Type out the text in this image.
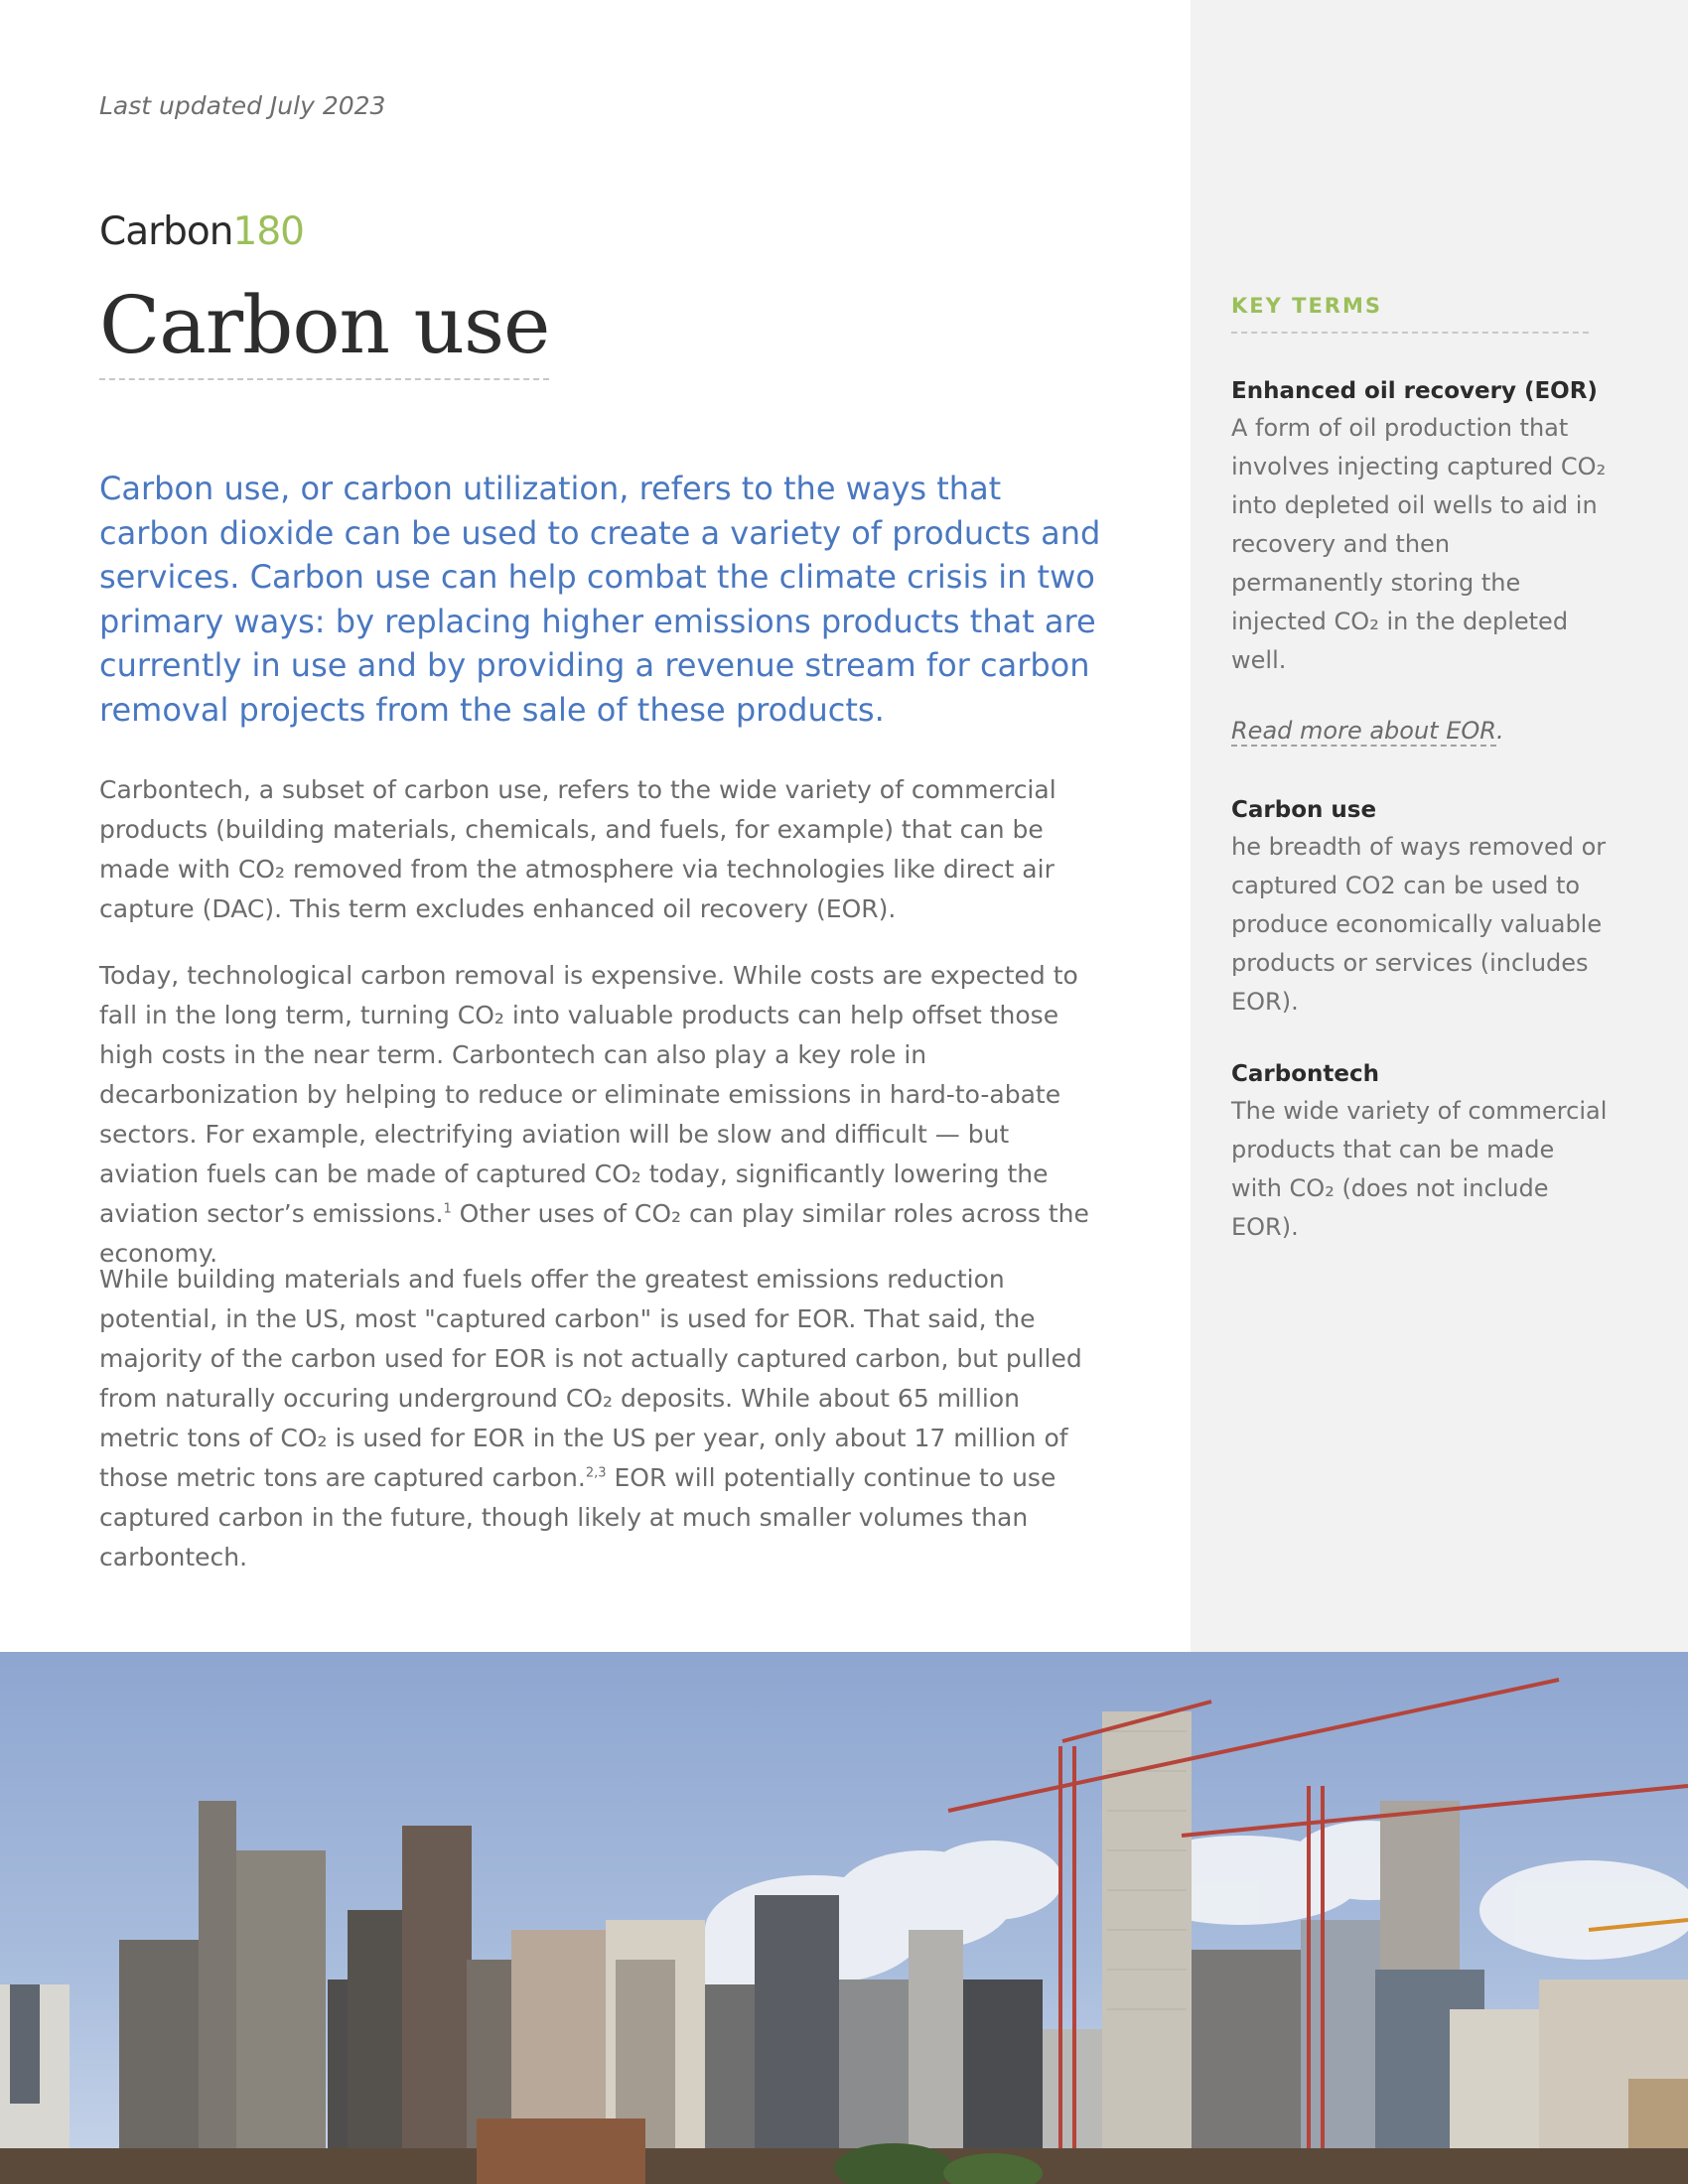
Last updated July 2023
Carbon180
Carbon use
Carbon use, or carbon utilization, refers to the ways that carbon dioxide can be used to create a variety of products and services. Carbon use can help combat the climate crisis in two primary ways: by replacing higher emissions products that are currently in use and by providing a revenue stream for carbon removal projects from the sale of these products.

Carbontech, a subset of carbon use, refers to the wide variety of commercial products (building materials, chemicals, and fuels, for example) that can be made with CO₂ removed from the atmosphere via technologies like direct air capture (DAC). This term excludes enhanced oil recovery (EOR).

Today, technological carbon removal is expensive. While costs are expected to fall in the long term, turning CO₂ into valuable products can help offset those high costs in the near term. Carbontech can also play a key role in decarbonization by helping to reduce or eliminate emissions in hard-to-abate sectors. For example, electrifying aviation will be slow and difficult — but aviation fuels can be made of captured CO₂ today, significantly lowering the aviation sector’s emissions.$^1$ Other uses of CO₂ can play similar roles across the economy.

While building materials and fuels offer the greatest emissions reduction potential, in the US, most "captured carbon" is used for EOR. That said, the majority of the carbon used for EOR is not actually captured carbon, but pulled from naturally occuring underground CO₂ deposits. While about 65 million metric tons of CO₂ is used for EOR in the US per year, only about 17 million of those metric tons are captured carbon.$^{2,3}$ EOR will potentially continue to use captured carbon in the future, though likely at much smaller volumes than carbontech.

KEY TERMS
Enhanced oil recovery (EOR)
A form of oil production that involves injecting captured CO₂ into depleted oil wells to aid in recovery and then permanently storing the injected CO₂ in the depleted well.
Read more about EOR.
Carbon use
he breadth of ways removed or captured CO2 can be used to produce economically valuable products or services (includes EOR).
Carbontech
The wide variety of commercial products that can be made with CO₂ (does not include EOR).
